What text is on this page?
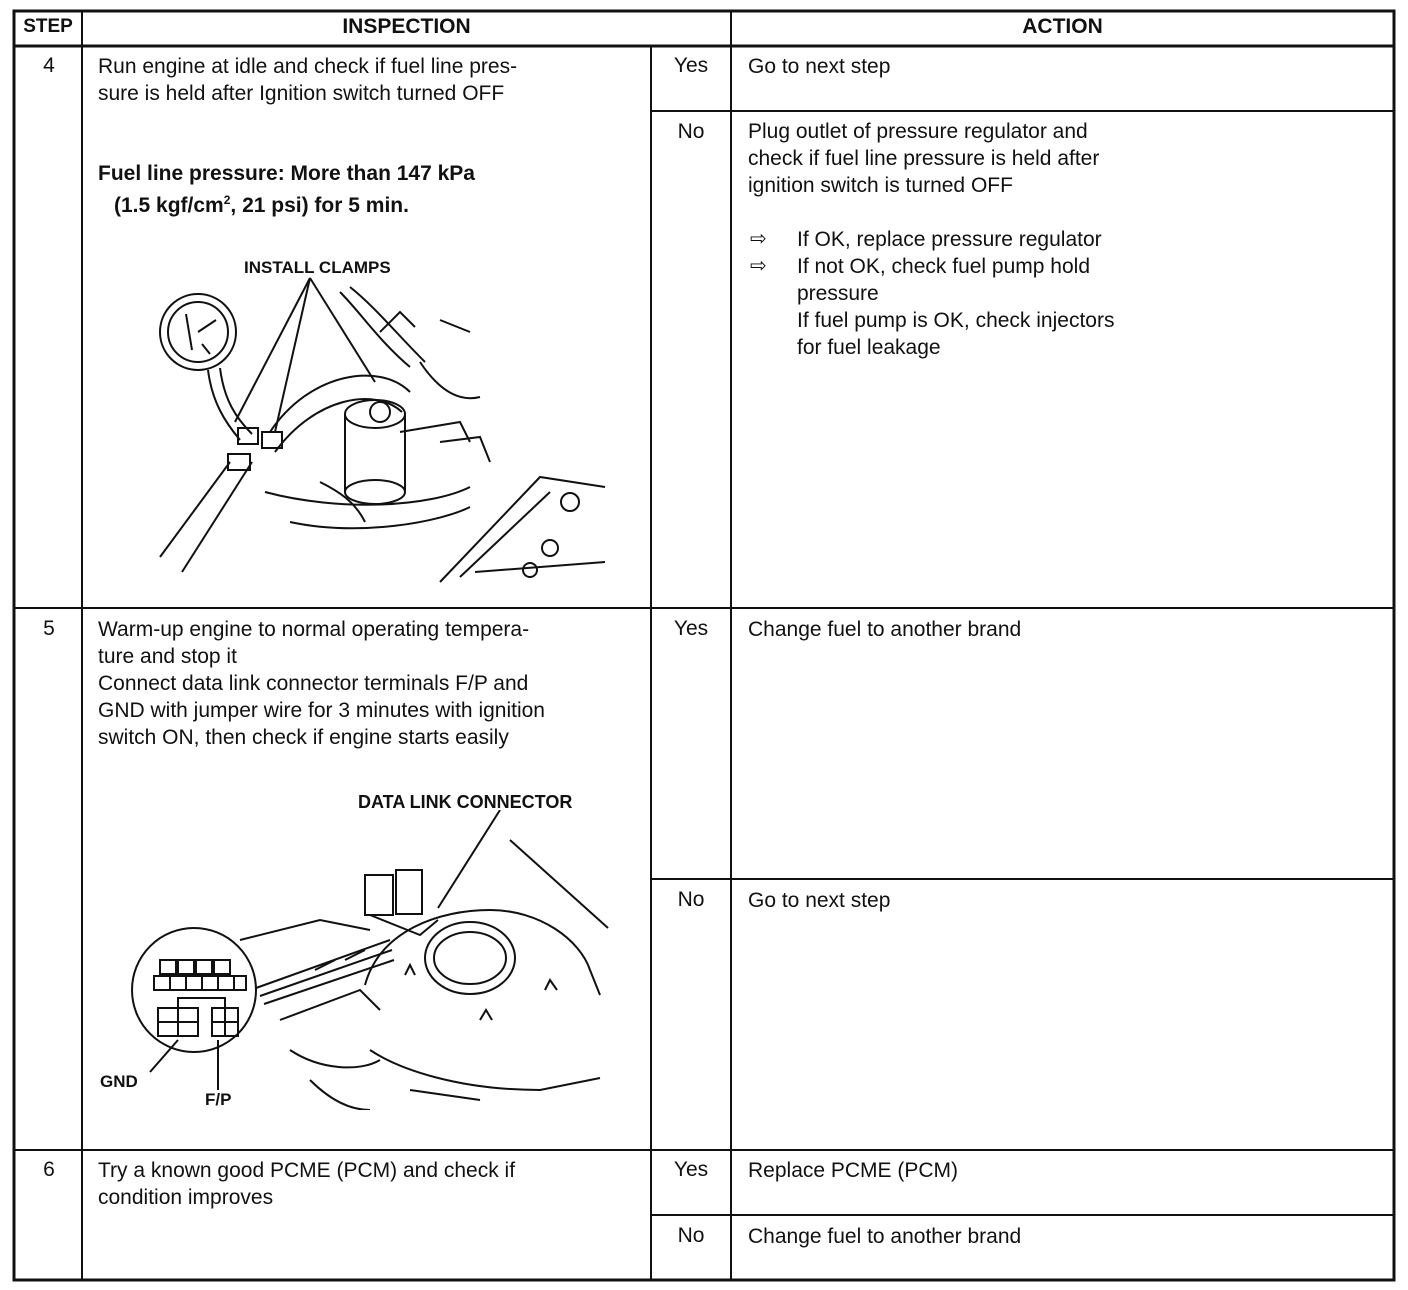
STEP	INSPECTION	ACTION
4	Run engine at idle and check if fuel line pres-
sure is held after Ignition switch turned OFF
Fuel line pressure: More than 147 kPa
(1.5 kgf/$cm^2$, 21 psi) for 5 min.
INSTALL CLAMPS
Yes	Go to next step
No	Plug outlet of pressure regulator and
check if fuel line pressure is held after
ignition switch is turned OFF
⇨ If OK, replace pressure regulator
⇨ If not OK, check fuel pump hold
pressure
If fuel pump is OK, check injectors
for fuel leakage
5	Warm-up engine to normal operating tempera-
ture and stop it
Connect data link connector terminals F/P and
GND with jumper wire for 3 minutes with ignition
switch ON, then check if engine starts easily
DATA LINK CONNECTOR
GND
F/P
Yes	Change fuel to another brand
No	Go to next step
6	Try a known good PCME (PCM) and check if
condition improves
Yes	Replace PCME (PCM)
No	Change fuel to another brand
